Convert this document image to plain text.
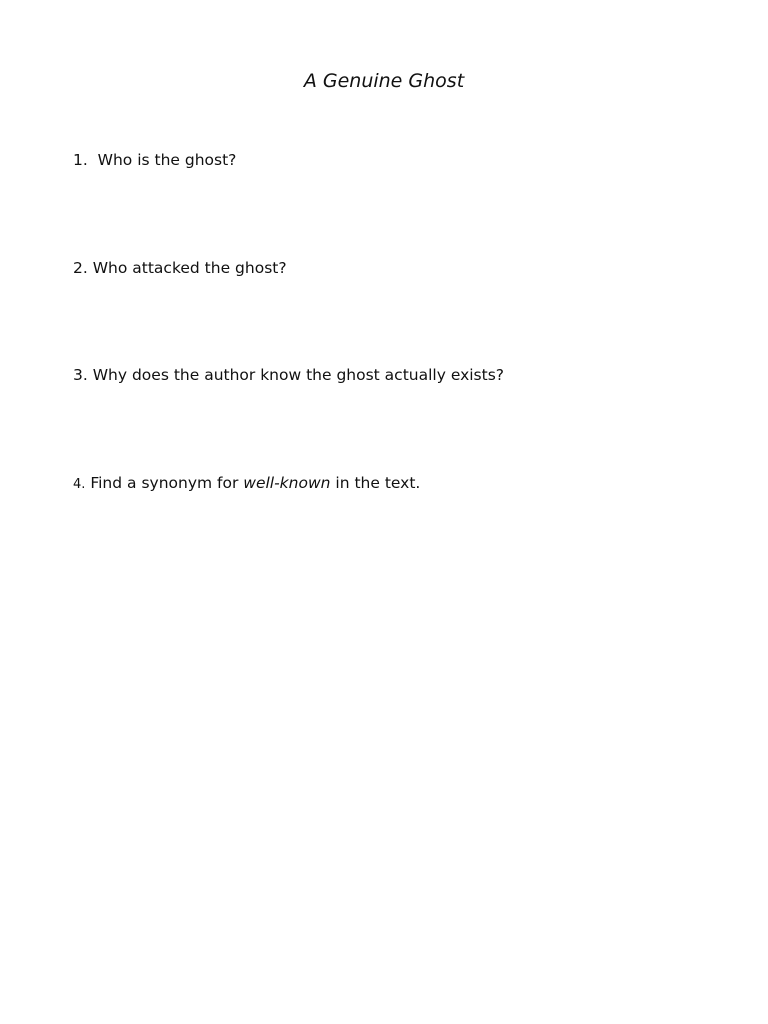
A Genuine Ghost

1.  Who is the ghost?

2. Who attacked the ghost?

3. Why does the author know the ghost actually exists?

4. Find a synonym for well-known in the text.
